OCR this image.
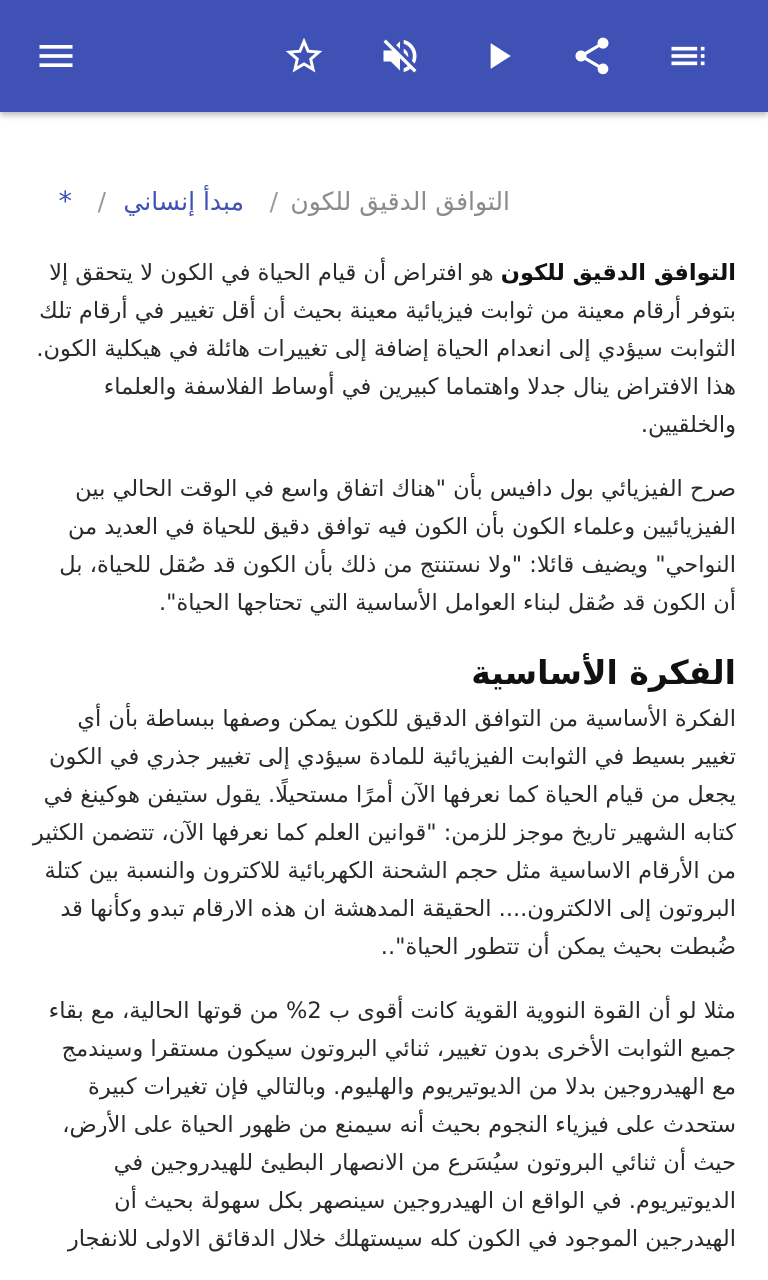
التوافق الدقيق للكون
/
مبدأ إنساني
/
*

التوافق الدقيق للكون هو افتراض أن قيام الحياة في الكون لا يتحقق إلا بتوفر أرقام معينة من ثوابت فيزيائية معينة بحيث أن أقل تغيير في أرقام تلك الثوابت سيؤدي إلى انعدام الحياة إضافة إلى تغييرات هائلة في هيكلية الكون. هذا الافتراض ينال جدلا واهتماما كبيرين في أوساط الفلاسفة والعلماء والخلقيين.

صرح الفيزيائي بول دافيس بأن "هناك اتفاق واسع في الوقت الحالي بين الفيزيائيين وعلماء الكون بأن الكون فيه توافق دقيق للحياة في العديد من النواحي" ويضيف قائلا: "ولا نستنتج من ذلك بأن الكون قد صُقل للحياة، بل أن الكون قد صُقل لبناء العوامل الأساسية التي تحتاجها الحياة".

الفكرة الأساسية

الفكرة الأساسية من التوافق الدقيق للكون يمكن وصفها ببساطة بأن أي تغيير بسيط في الثوابت الفيزيائية للمادة سيؤدي إلى تغيير جذري في الكون يجعل من قيام الحياة كما نعرفها الآن أمرًا مستحيلًا. يقول ستيفن هوكينغ في كتابه الشهير تاريخ موجز للزمن: "قوانين العلم كما نعرفها الآن، تتضمن الكثير من الأرقام الاساسية مثل حجم الشحنة الكهربائية للاكترون والنسبة بين كتلة البروتون إلى الالكترون.... الحقيقة المدهشة ان هذه الارقام تبدو وكأنها قد ضُبطت بحيث يمكن أن تتطور الحياة"..

مثلا لو أن القوة النووية القوية كانت أقوى ب 2% من قوتها الحالية، مع بقاء جميع الثوابت الأخرى بدون تغيير، ثنائي البروتون سيكون مستقرا وسيندمج مع الهيدروجين بدلا من الديوتيريوم والهليوم. وبالتالي فإن تغيرات كبيرة ستحدث على فيزياء النجوم بحيث أنه سيمنع من ظهور الحياة على الأرض، حيث أن ثنائي البروتون سيُسَرع من الانصهار البطيئ للهيدروجين في الديوتيريوم. في الواقع ان الهيدروجين سينصهر بكل سهولة بحيث أن الهيدرجين الموجود في الكون كله سيستهلك خلال الدقائق الاولى للانفجار
